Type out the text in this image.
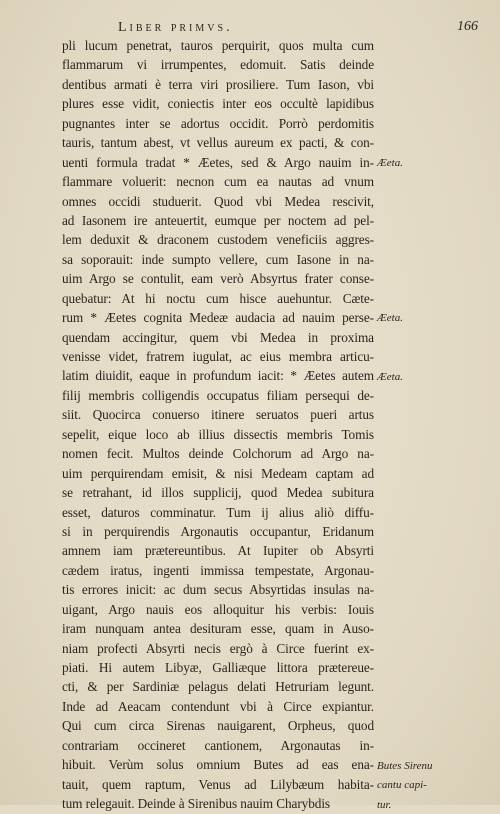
Liber primvs.	166
pli lucum penetrat, tauros perquirit, quos multa cum
flammarum vi irrumpentes, edomuit. Satis deinde
dentibus armati è terra viri prosiliere. Tum Iason, vbi
plures esse vidit, coniectis inter eos occultè lapidibus
pugnantes inter se adortus occidit. Porrò perdomitis
tauris, tantum abest, vt vellus aureum ex pacti, & con-
uenti formula tradat * Æetes, sed & Argo nauim in-
flammare voluerit: necnon cum ea nautas ad vnum
omnes occidi studuerit. Quod vbi Medea rescivit,
ad Iasonem ire anteuertit, eumque per noctem ad pel-
lem deduxit & draconem custodem veneficiis aggres-
sa soporauit: inde sumpto vellere, cum Iasone in na-
uim Argo se contulit, eam verò Absyrtus frater conse-
quebatur: At hi noctu cum hisce auehuntur. Cæte-
rum * Æetes cognita Medeæ audacia ad nauim perse-
quendam accingitur, quem vbi Medea in proxima
venisse videt, fratrem iugulat, ac eius membra articu-
latim diuidit, eaque in profundum iacit: * Æetes autem
filij membris colligendis occupatus filiam persequi de-
siit. Quocirca conuerso itinere seruatos pueri artus
sepelit, eique loco ab illius dissectis membris Tomis
nomen fecit. Multos deinde Colchorum ad Argo na-
uim perquirendam emisit, & nisi Medeam captam ad
se retrahant, id illos supplicij, quod Medea subitura
esset, daturos comminatur. Tum ij alius aliò diffu-
si in perquirendis Argonautis occupantur, Eridanum
amnem iam prætereuntibus. At Iupiter ob Absyrti
cædem iratus, ingenti immissa tempestate, Argonau-
tis errores inicit: ac dum secus Absyrtidas insulas na-
uigant, Argo nauis eos alloquitur his verbis: Iouis
iram nunquam antea desituram esse, quam in Auso-
niam profecti Absyrti necis ergò à Circe fuerint ex-
piati. Hi autem Libyæ, Galliæque littora prætereue-
cti, & per Sardiniæ pelagus delati Hetruriam legunt.
Inde ad Aeacam contendunt vbi à Circe expiantur.
Qui cum circa Sirenas nauigarent, Orpheus, quod
contrariam occineret cantionem, Argonautas in-
hibuit. Verùm solus omnium Butes ad eas ena-
tauit, quem raptum, Venus ad Lilybæum habita-
tum relegauit. Deinde à Sirenibus nauim Charybdis
Æeta.
Æeta.
Æeta.
Butes Sirenu
cantu capi-
tur.
